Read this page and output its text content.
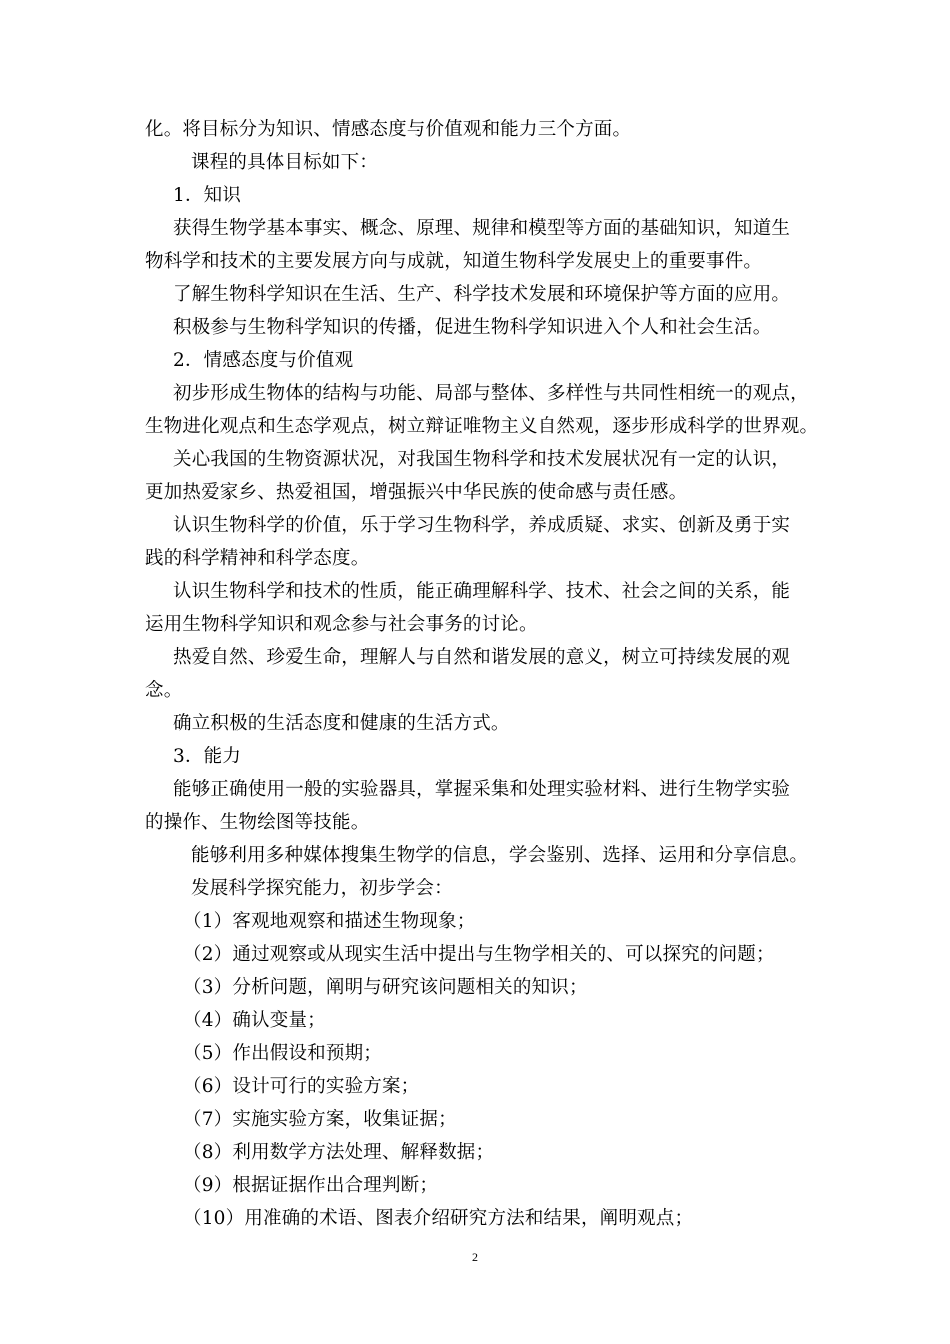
化。将目标分为知识、情感态度与价值观和能力三个方面。
课程的具体目标如下：
1．知识
获得生物学基本事实、概念、原理、规律和模型等方面的基础知识，知道生
物科学和技术的主要发展方向与成就，知道生物科学发展史上的重要事件。
了解生物科学知识在生活、生产、科学技术发展和环境保护等方面的应用。
积极参与生物科学知识的传播，促进生物科学知识进入个人和社会生活。
2．情感态度与价值观
初步形成生物体的结构与功能、局部与整体、多样性与共同性相统一的观点，
生物进化观点和生态学观点，树立辩证唯物主义自然观，逐步形成科学的世界观。
关心我国的生物资源状况，对我国生物科学和技术发展状况有一定的认识，
更加热爱家乡、热爱祖国，增强振兴中华民族的使命感与责任感。
认识生物科学的价值，乐于学习生物科学，养成质疑、求实、创新及勇于实
践的科学精神和科学态度。
认识生物科学和技术的性质，能正确理解科学、技术、社会之间的关系，能
运用生物科学知识和观念参与社会事务的讨论。
热爱自然、珍爱生命，理解人与自然和谐发展的意义，树立可持续发展的观
念。
确立积极的生活态度和健康的生活方式。
3．能力
能够正确使用一般的实验器具，掌握采集和处理实验材料、进行生物学实验
的操作、生物绘图等技能。
能够利用多种媒体搜集生物学的信息，学会鉴别、选择、运用和分享信息。
发展科学探究能力，初步学会：
（1）客观地观察和描述生物现象；
（2）通过观察或从现实生活中提出与生物学相关的、可以探究的问题；
（3）分析问题，阐明与研究该问题相关的知识；
（4）确认变量；
（5）作出假设和预期；
（6）设计可行的实验方案；
（7）实施实验方案，收集证据；
（8）利用数学方法处理、解释数据；
（9）根据证据作出合理判断；
（10）用准确的术语、图表介绍研究方法和结果，阐明观点；
2
